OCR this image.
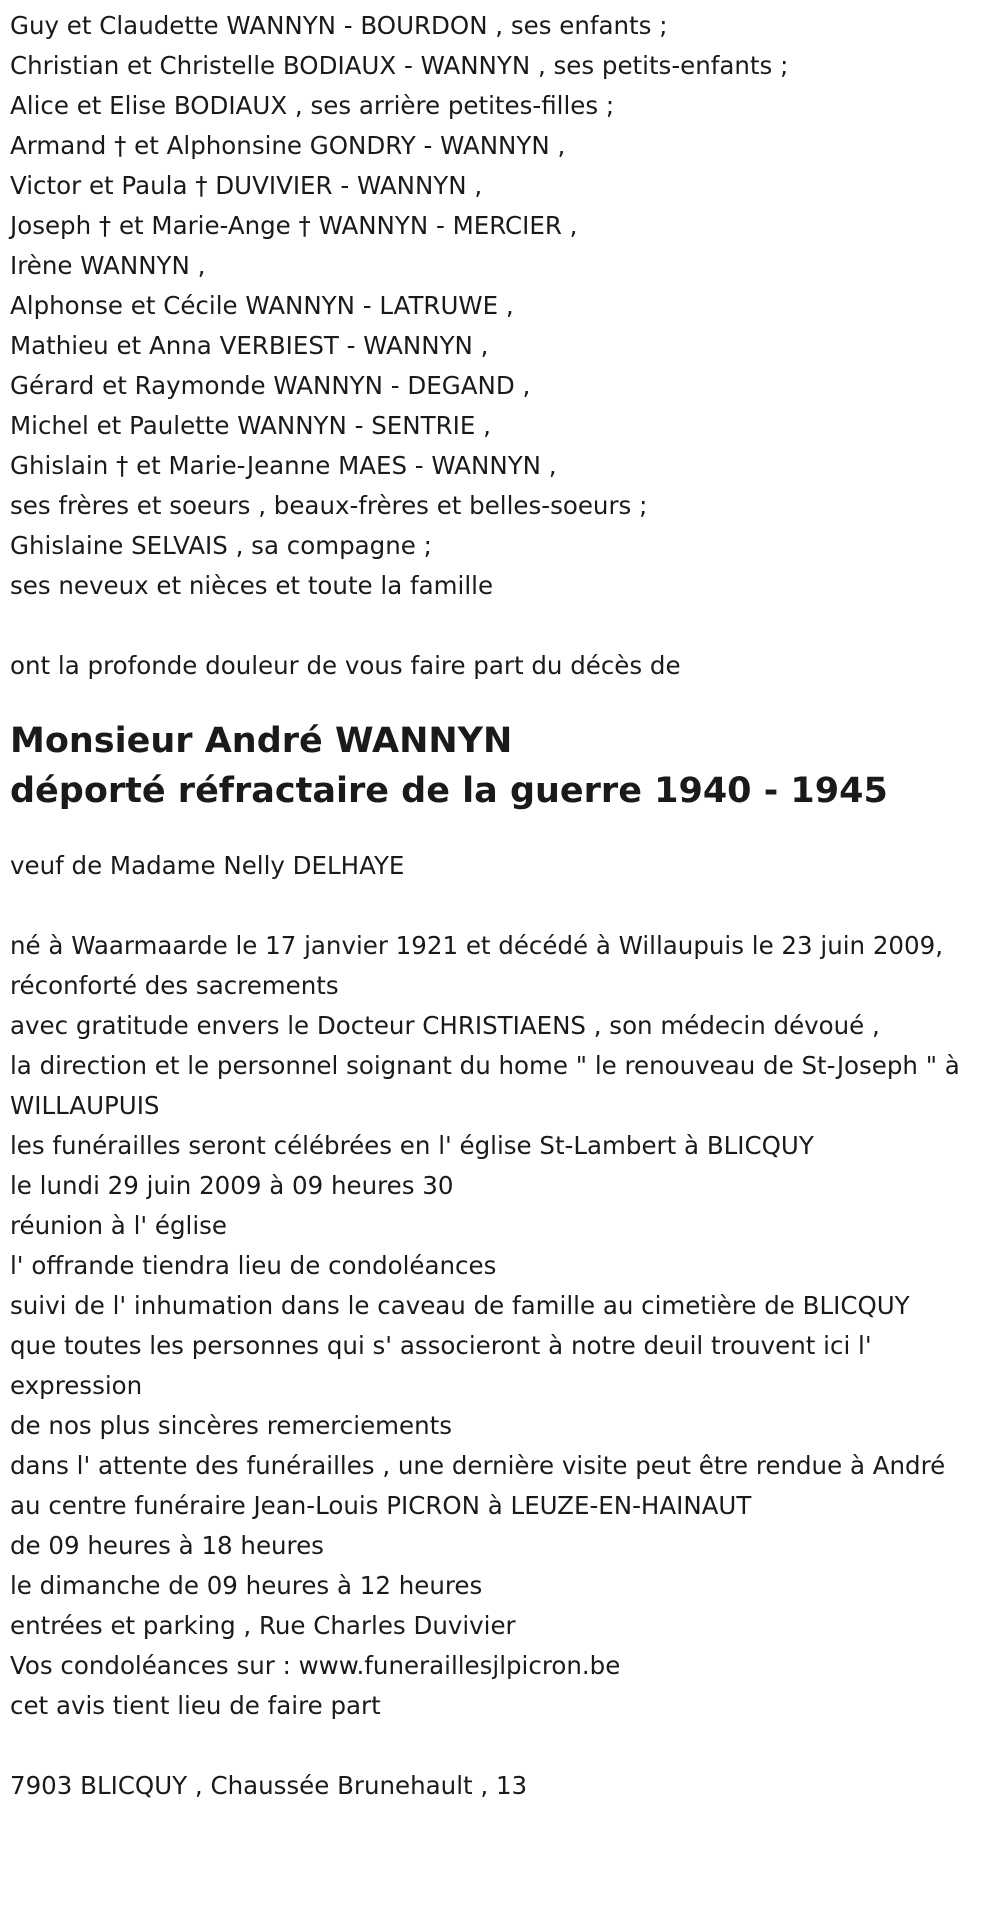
Guy et Claudette WANNYN - BOURDON , ses enfants ;
Christian et Christelle BODIAUX - WANNYN , ses petits-enfants ;
Alice et Elise BODIAUX , ses arrière petites-filles ;
Armand † et Alphonsine GONDRY - WANNYN ,
Victor et Paula † DUVIVIER - WANNYN ,
Joseph † et Marie-Ange † WANNYN - MERCIER ,
Irène WANNYN ,
Alphonse et Cécile WANNYN - LATRUWE ,
Mathieu et Anna VERBIEST - WANNYN ,
Gérard et Raymonde WANNYN - DEGAND ,
Michel et Paulette WANNYN - SENTRIE ,
Ghislain † et Marie-Jeanne MAES - WANNYN ,
ses frères et soeurs , beaux-frères et belles-soeurs ;
Ghislaine SELVAIS , sa compagne ;
ses neveux et nièces et toute la famille
ont la profonde douleur de vous faire part du décès de
Monsieur André WANNYN
déporté réfractaire de la guerre 1940 - 1945
veuf de Madame Nelly DELHAYE
né à Waarmaarde le 17 janvier 1921 et décédé à Willaupuis le 23 juin 2009,
réconforté des sacrements
avec gratitude envers le Docteur CHRISTIAENS , son médecin dévoué ,
la direction et le personnel soignant du home " le renouveau de St-Joseph " à WILLAUPUIS
les funérailles seront célébrées en l' église St-Lambert à BLICQUY
le lundi 29 juin 2009 à 09 heures 30
réunion à l' église
l' offrande tiendra lieu de condoléances
suivi de l' inhumation dans le caveau de famille au cimetière de BLICQUY
que toutes les personnes qui s' associeront à notre deuil trouvent ici l' expression
de nos plus sincères remerciements
dans l' attente des funérailles , une dernière visite peut être rendue à André
au centre funéraire Jean-Louis PICRON à LEUZE-EN-HAINAUT
de 09 heures à 18 heures
le dimanche de 09 heures à 12 heures
entrées et parking , Rue Charles Duvivier
Vos condoléances sur : www.funeraillesjlpicron.be
cet avis tient lieu de faire part
7903 BLICQUY , Chaussée Brunehault , 13
